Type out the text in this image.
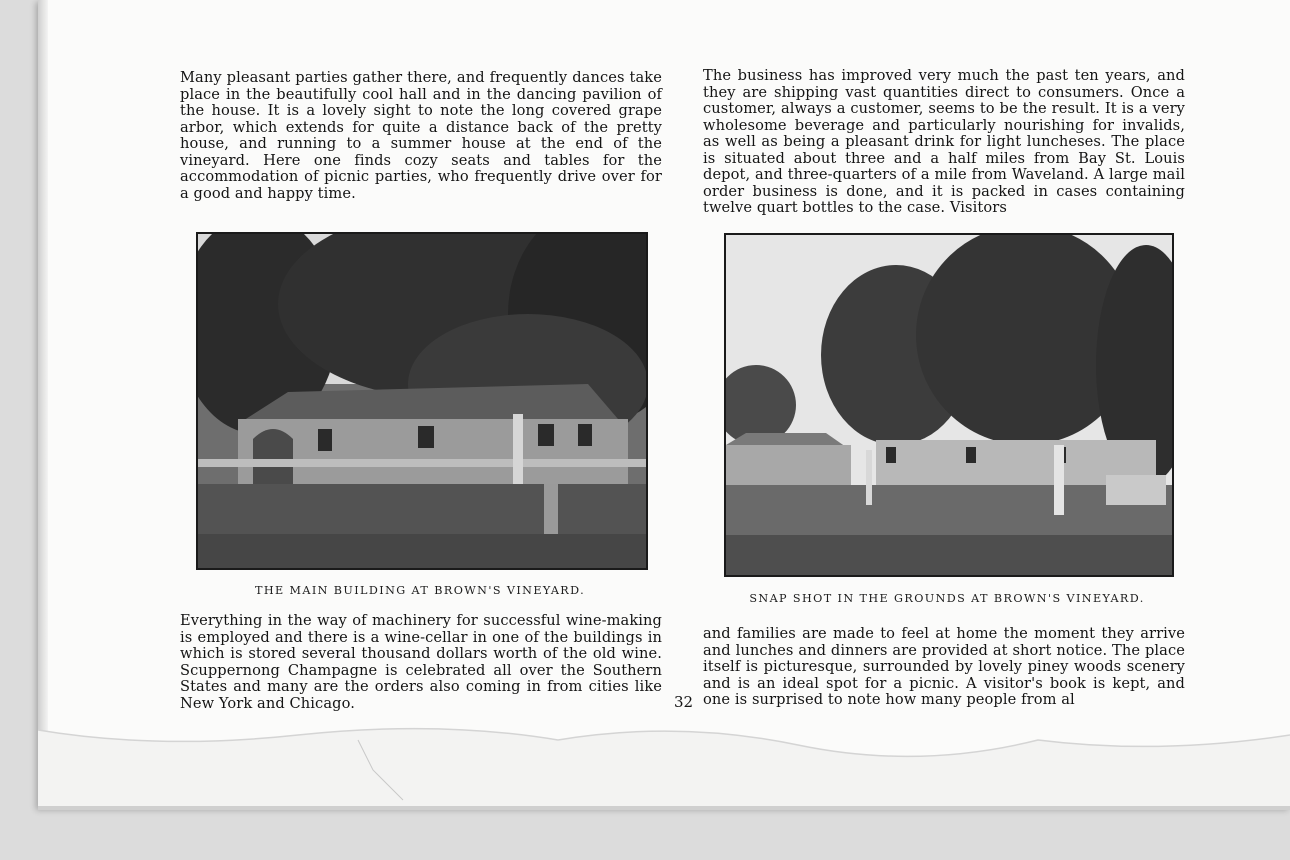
Many pleasant parties gather there, and frequently dances take place in the beautifully cool hall and in the dancing pavilion of the house. It is a lovely sight to note the long covered grape arbor, which extends for quite a distance back of the pretty house, and running to a summer house at the end of the vineyard. Here one finds cozy seats and tables for the accommodation of picnic parties, who frequently drive over for a good and happy time.

THE MAIN BUILDING AT BROWN'S VINEYARD.

Everything in the way of machinery for successful wine-making is employed and there is a wine-cellar in one of the buildings in which is stored several thousand dollars worth of the old wine. Scuppernong Champagne is celebrated all over the Southern States and many are the orders also coming in from cities like New York and Chicago.	32

The business has improved very much the past ten years, and they are shipping vast quantities direct to consumers. Once a customer, always a customer, seems to be the result. It is a very wholesome beverage and particularly nourishing for invalids, as well as being a pleasant drink for light luncheses. The place is situated about three and a half miles from Bay St. Louis depot, and three-quarters of a mile from Waveland. A large mail order business is done, and it is packed in cases containing twelve quart bottles to the case. Visitors

SNAP SHOT IN THE GROUNDS AT BROWN'S VINEYARD.

and families are made to feel at home the moment they arrive and lunches and dinners are provided at short notice. The place itself is picturesque, surrounded by lovely piney woods scenery and is an ideal spot for a picnic. A visitor's book is kept, and one is surprised to note how many people from al
